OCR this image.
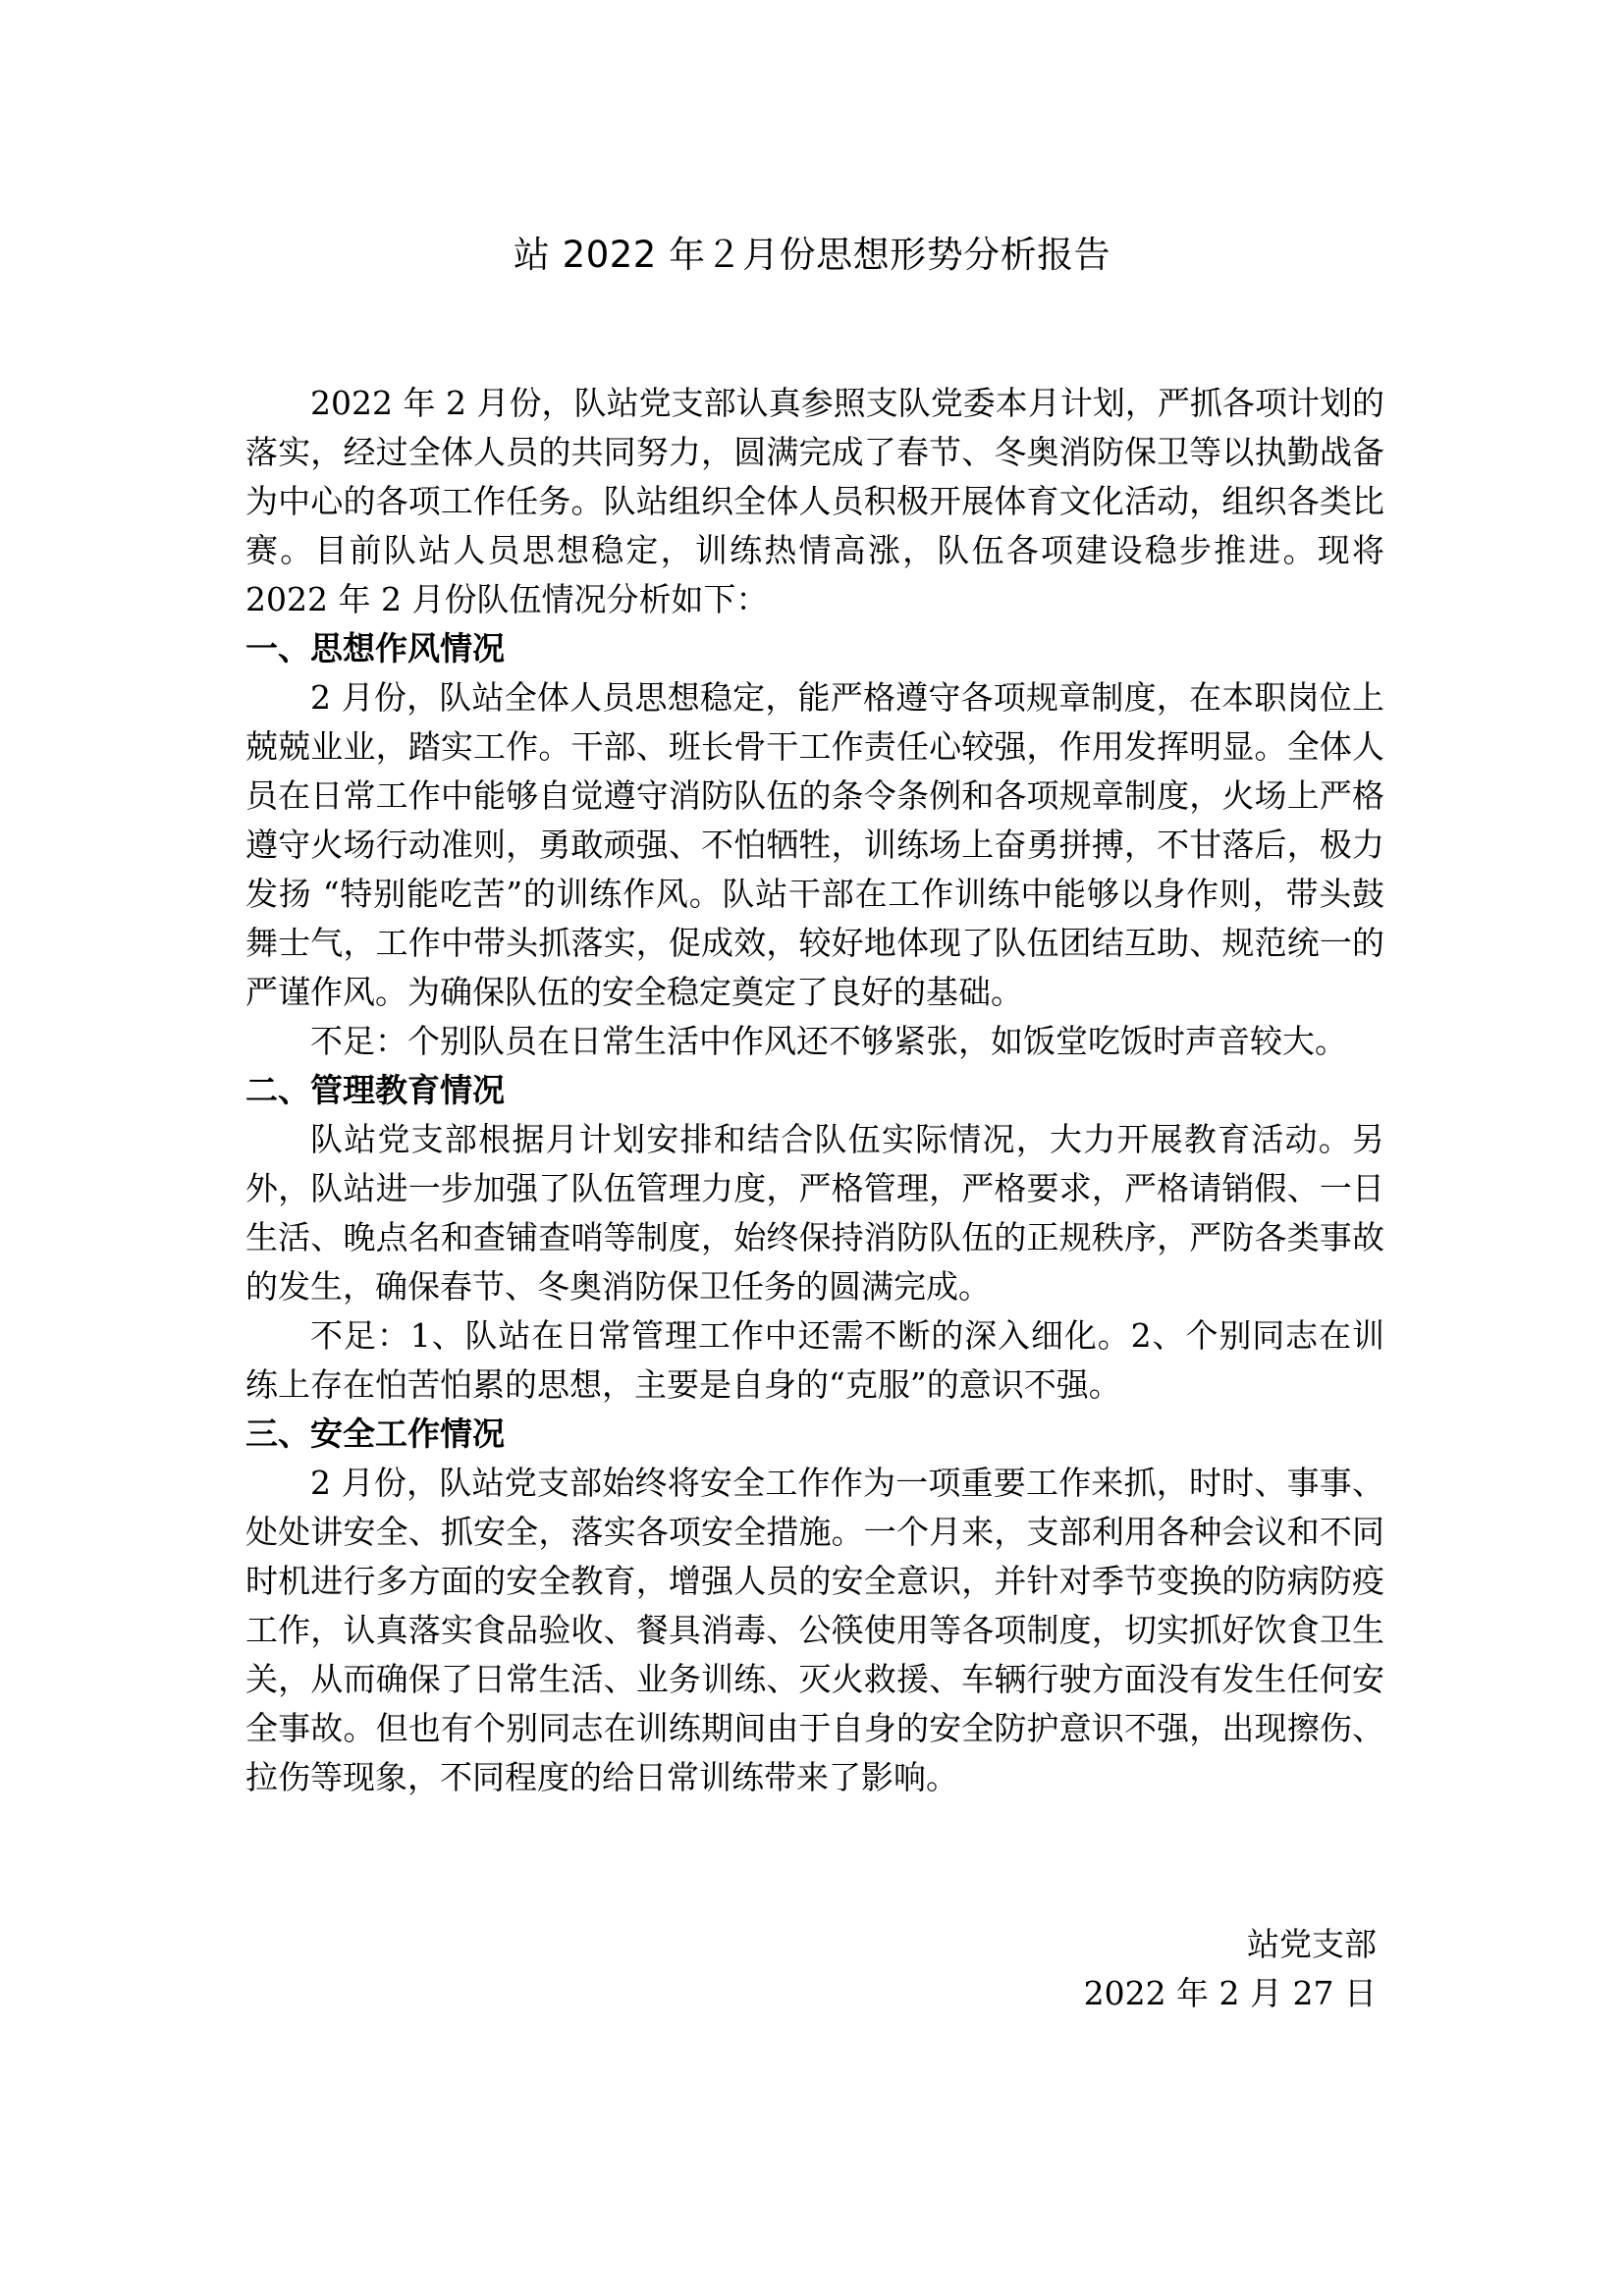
站 2022 年２月份思想形势分析报告

2022 年 2 月份，队站党支部认真参照支队党委本月计划，严抓各项计划的落实，经过全体人员的共同努力，圆满完成了春节、冬奥消防保卫等以执勤战备为中心的各项工作任务。队站组织全体人员积极开展体育文化活动，组织各类比赛。目前队站人员思想稳定，训练热情高涨，队伍各项建设稳步推进。现将 2022 年 2 月份队伍情况分析如下：

一、思想作风情况

2 月份，队站全体人员思想稳定，能严格遵守各项规章制度，在本职岗位上兢兢业业，踏实工作。干部、班长骨干工作责任心较强，作用发挥明显。全体人员在日常工作中能够自觉遵守消防队伍的条令条例和各项规章制度，火场上严格遵守火场行动准则，勇敢顽强、不怕牺牲，训练场上奋勇拼搏，不甘落后，极力发扬 “特别能吃苦”的训练作风。队站干部在工作训练中能够以身作则，带头鼓舞士气，工作中带头抓落实，促成效，较好地体现了队伍团结互助、规范统一的严谨作风。为确保队伍的安全稳定奠定了良好的基础。

不足：个别队员在日常生活中作风还不够紧张，如饭堂吃饭时声音较大。

二、管理教育情况

队站党支部根据月计划安排和结合队伍实际情况，大力开展教育活动。另外，队站进一步加强了队伍管理力度，严格管理，严格要求，严格请销假、一日生活、晚点名和查铺查哨等制度，始终保持消防队伍的正规秩序，严防各类事故的发生，确保春节、冬奥消防保卫任务的圆满完成。

不足：1、队站在日常管理工作中还需不断的深入细化。2、个别同志在训练上存在怕苦怕累的思想，主要是自身的“克服”的意识不强。

三、安全工作情况

2 月份，队站党支部始终将安全工作作为一项重要工作来抓，时时、事事、处处讲安全、抓安全，落实各项安全措施。一个月来，支部利用各种会议和不同时机进行多方面的安全教育，增强人员的安全意识，并针对季节变换的防病防疫工作，认真落实食品验收、餐具消毒、公筷使用等各项制度，切实抓好饮食卫生关，从而确保了日常生活、业务训练、灭火救援、车辆行驶方面没有发生任何安全事故。但也有个别同志在训练期间由于自身的安全防护意识不强，出现擦伤、拉伤等现象，不同程度的给日常训练带来了影响。

站党支部
2022 年 2 月 27 日
